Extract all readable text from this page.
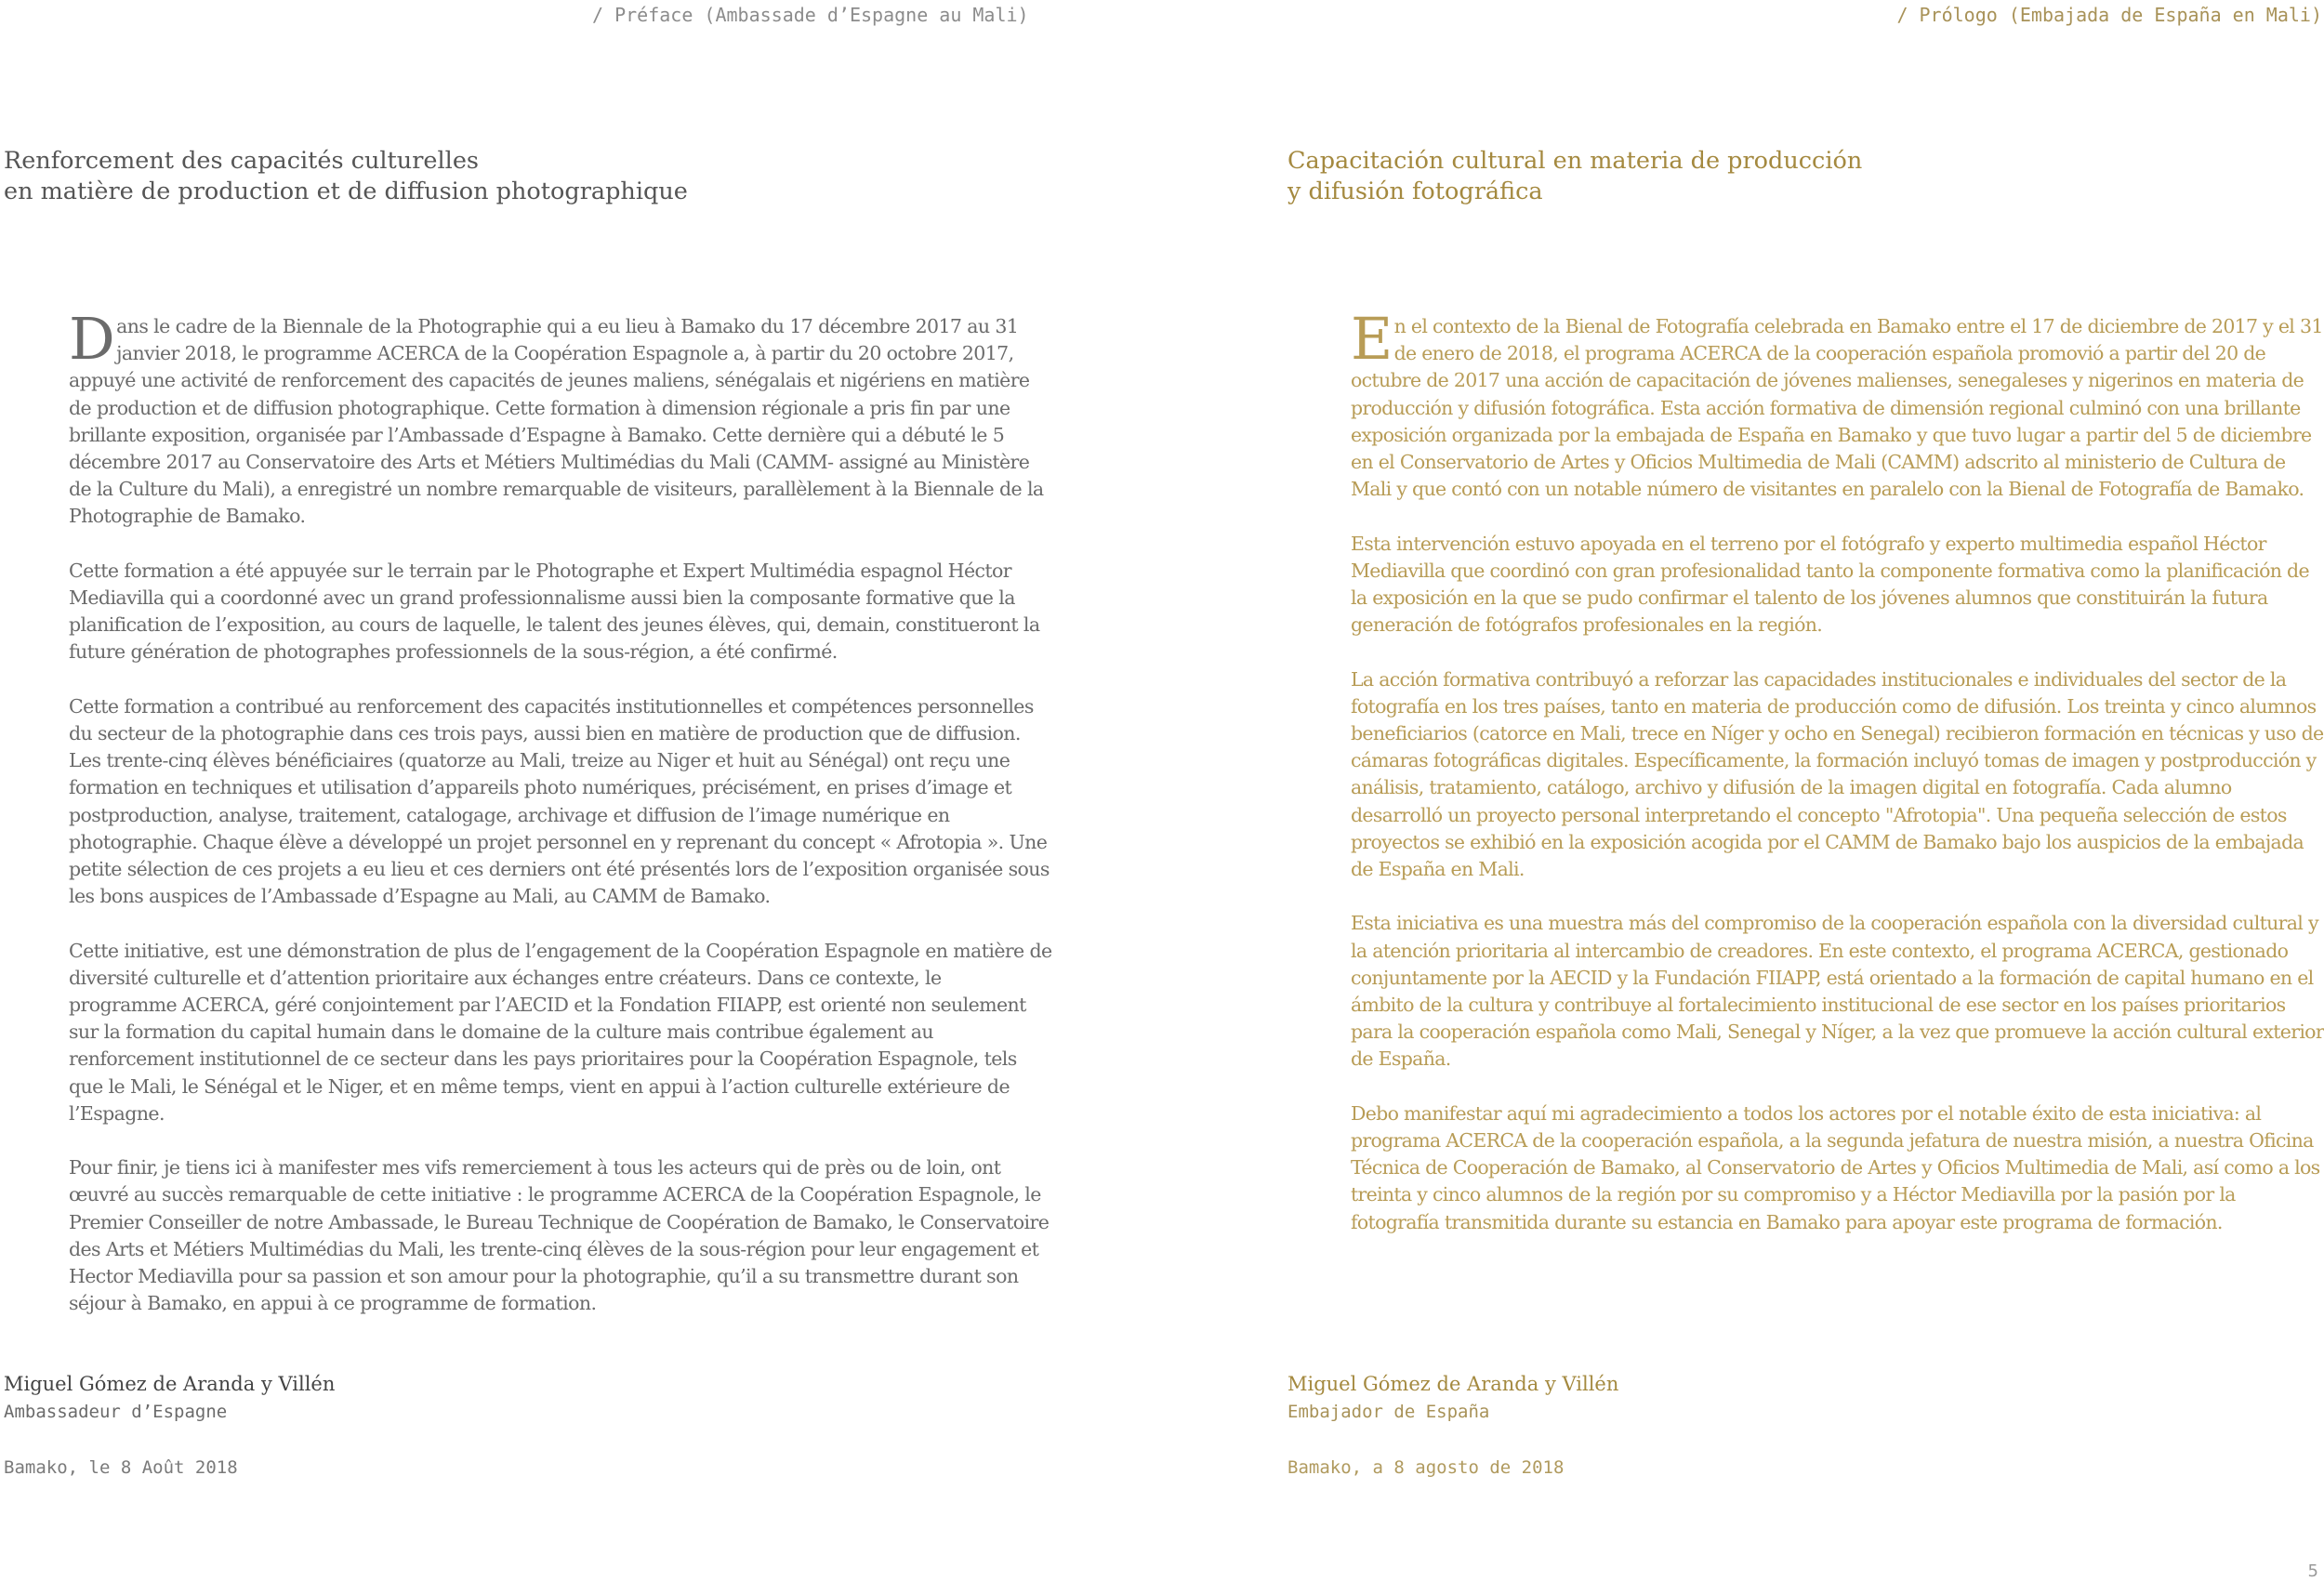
/ Préface (Ambassade d’Espagne au Mali)
Renforcement des capacités culturelles
en matière de production et de diffusion photographique

Dans le cadre de la Biennale de la Photographie qui a eu lieu à Bamako du 17 décembre 2017 au 31 janvier 2018, le programme ACERCA de la Coopération Espagnole a, à partir du 20 octobre 2017, appuyé une activité de renforcement des capacités de jeunes maliens, sénégalais et nigériens en matière de production et de diffusion photographique. Cette formation à dimension régionale a pris fin par une brillante exposition, organisée par l’Ambassade d’Espagne à Bamako. Cette dernière qui a débuté le 5 décembre 2017 au Conservatoire des Arts et Métiers Multimédias du Mali (CAMM- assigné au Ministère de la Culture du Mali), a enregistré un nombre remarquable de visiteurs, parallèlement à la Biennale de la Photographie de Bamako.

Cette formation a été appuyée sur le terrain par le Photographe et Expert Multimédia espagnol Héctor Mediavilla qui a coordonné avec un grand professionnalisme aussi bien la composante formative que la planification de l’exposition, au cours de laquelle, le talent des jeunes élèves, qui, demain, constitueront la future génération de photographes professionnels de la sous-région, a été confirmé.

Cette formation a contribué au renforcement des capacités institutionnelles et compétences personnelles du secteur de la photographie dans ces trois pays, aussi bien en matière de production que de diffusion. Les trente-cinq élèves bénéficiaires (quatorze au Mali, treize au Niger et huit au Sénégal) ont reçu une formation en techniques et utilisation d’appareils photo numériques, précisément, en prises d’image et postproduction, analyse, traitement, catalogage, archivage et diffusion de l’image numérique en photographie. Chaque élève a développé un projet personnel en y reprenant du concept « Afrotopia ». Une petite sélection de ces projets a eu lieu et ces derniers ont été présentés lors de l’exposition organisée sous les bons auspices de l’Ambassade d’Espagne au Mali, au CAMM de Bamako.

Cette initiative, est une démonstration de plus de l’engagement de la Coopération Espagnole en matière de diversité culturelle et d’attention prioritaire aux échanges entre créateurs. Dans ce contexte, le programme ACERCA, géré conjointement par l’AECID et la Fondation FIIAPP, est orienté non seulement sur la formation du capital humain dans le domaine de la culture mais contribue également au renforcement institutionnel de ce secteur dans les pays prioritaires pour la Coopération Espagnole, tels que le Mali, le Sénégal et le Niger, et en même temps, vient en appui à l’action culturelle extérieure de l’Espagne.

Pour finir, je tiens ici à manifester mes vifs remerciement à tous les acteurs qui de près ou de loin, ont œuvré au succès remarquable de cette initiative : le programme ACERCA de la Coopération Espagnole, le Premier Conseiller de notre Ambassade, le Bureau Technique de Coopération de Bamako, le Conservatoire des Arts et Métiers Multimédias du Mali, les trente-cinq élèves de la sous-région pour leur engagement et Hector Mediavilla pour sa passion et son amour pour la photographie, qu’il a su transmettre durant son séjour à Bamako, en appui à ce programme de formation.

Miguel Gómez de Aranda y Villén
Ambassadeur d’Espagne
Bamako, le 8 Août 2018
/ Prólogo (Embajada de España en Mali)
Capacitación cultural en materia de producción
y difusión fotográfica

En el contexto de la Bienal de Fotografía celebrada en Bamako entre el 17 de diciembre de 2017 y el 31 de enero de 2018, el programa ACERCA de la cooperación española promovió a partir del 20 de octubre de 2017 una acción de capacitación de jóvenes malienses, senegaleses y nigerinos en materia de producción y difusión fotográfica. Esta acción formativa de dimensión regional culminó con una brillante exposición organizada por la embajada de España en Bamako y que tuvo lugar a partir del 5 de diciembre en el Conservatorio de Artes y Oficios Multimedia de Mali (CAMM) adscrito al ministerio de Cultura de Mali y que contó con un notable número de visitantes en paralelo con la Bienal de Fotografía de Bamako.

Esta intervención estuvo apoyada en el terreno por el fotógrafo y experto multimedia español Héctor Mediavilla que coordinó con gran profesionalidad tanto la componente formativa como la planificación de la exposición en la que se pudo confirmar el talento de los jóvenes alumnos que constituirán la futura generación de fotógrafos profesionales en la región.

La acción formativa contribuyó a reforzar las capacidades institucionales e individuales del sector de la fotografía en los tres países, tanto en materia de producción como de difusión. Los treinta y cinco alumnos beneficiarios (catorce en Mali, trece en Níger y ocho en Senegal) recibieron formación en técnicas y uso de cámaras fotográficas digitales. Específicamente, la formación incluyó tomas de imagen y postproducción y análisis, tratamiento, catálogo, archivo y difusión de la imagen digital en fotografía. Cada alumno desarrolló un proyecto personal interpretando el concepto "Afrotopia". Una pequeña selección de estos proyectos se exhibió en la exposición acogida por el CAMM de Bamako bajo los auspicios de la embajada de España en Mali.

Esta iniciativa es una muestra más del compromiso de la cooperación española con la diversidad cultural y la atención prioritaria al intercambio de creadores. En este contexto, el programa ACERCA, gestionado conjuntamente por la AECID y la Fundación FIIAPP, está orientado a la formación de capital humano en el ámbito de la cultura y contribuye al fortalecimiento institucional de ese sector en los países prioritarios para la cooperación española como Mali, Senegal y Níger, a la vez que promueve la acción cultural exterior de España.

Debo manifestar aquí mi agradecimiento a todos los actores por el notable éxito de esta iniciativa: al programa ACERCA de la cooperación española, a la segunda jefatura de nuestra misión, a nuestra Oficina Técnica de Cooperación de Bamako, al Conservatorio de Artes y Oficios Multimedia de Mali, así como a los treinta y cinco alumnos de la región por su compromiso y a Héctor Mediavilla por la pasión por la fotografía transmitida durante su estancia en Bamako para apoyar este programa de formación.

Miguel Gómez de Aranda y Villén
Embajador de España
Bamako, a 8 agosto de 2018
5
